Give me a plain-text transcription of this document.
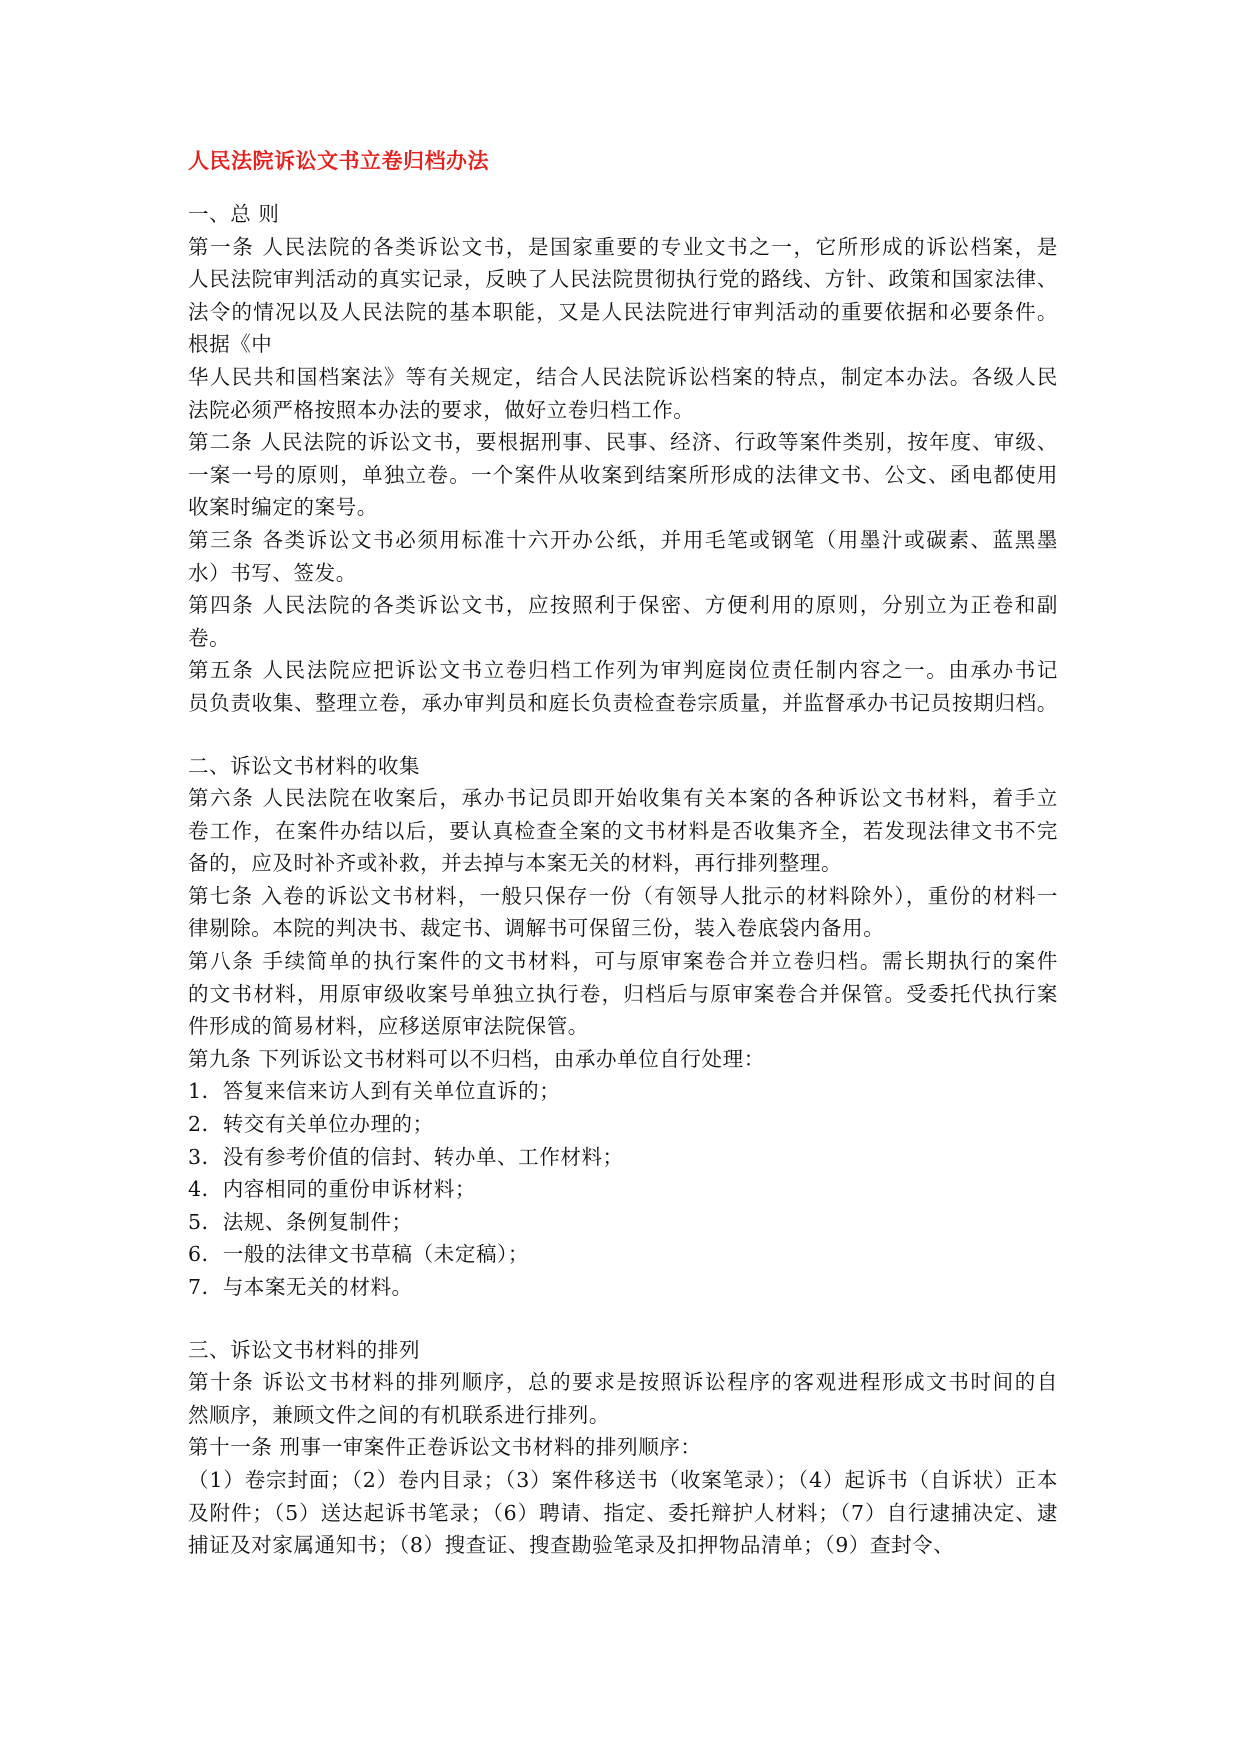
人民法院诉讼文书立卷归档办法
一、总 则
第一条 人民法院的各类诉讼文书，是国家重要的专业文书之一，它所形成的诉讼档案，是
人民法院审判活动的真实记录，反映了人民法院贯彻执行党的路线、方针、政策和国家法律、
法令的情况以及人民法院的基本职能，又是人民法院进行审判活动的重要依据和必要条件。
根据《中
华人民共和国档案法》等有关规定，结合人民法院诉讼档案的特点，制定本办法。各级人民
法院必须严格按照本办法的要求，做好立卷归档工作。
第二条 人民法院的诉讼文书，要根据刑事、民事、经济、行政等案件类别，按年度、审级、
一案一号的原则，单独立卷。一个案件从收案到结案所形成的法律文书、公文、函电都使用
收案时编定的案号。
第三条 各类诉讼文书必须用标准十六开办公纸，并用毛笔或钢笔（用墨汁或碳素、蓝黑墨
水）书写、签发。
第四条 人民法院的各类诉讼文书，应按照利于保密、方便利用的原则，分别立为正卷和副
卷。
第五条 人民法院应把诉讼文书立卷归档工作列为审判庭岗位责任制内容之一。由承办书记
员负责收集、整理立卷，承办审判员和庭长负责检查卷宗质量，并监督承办书记员按期归档。
二、诉讼文书材料的收集
第六条 人民法院在收案后，承办书记员即开始收集有关本案的各种诉讼文书材料，着手立
卷工作，在案件办结以后，要认真检查全案的文书材料是否收集齐全，若发现法律文书不完
备的，应及时补齐或补救，并去掉与本案无关的材料，再行排列整理。
第七条 入卷的诉讼文书材料，一般只保存一份（有领导人批示的材料除外），重份的材料一
律剔除。本院的判决书、裁定书、调解书可保留三份，装入卷底袋内备用。
第八条 手续简单的执行案件的文书材料，可与原审案卷合并立卷归档。需长期执行的案件
的文书材料，用原审级收案号单独立执行卷，归档后与原审案卷合并保管。受委托代执行案
件形成的简易材料，应移送原审法院保管。
第九条 下列诉讼文书材料可以不归档，由承办单位自行处理：
1．答复来信来访人到有关单位直诉的；
2．转交有关单位办理的；
3．没有参考价值的信封、转办单、工作材料；
4．内容相同的重份申诉材料；
5．法规、条例复制件；
6．一般的法律文书草稿（未定稿）；
7．与本案无关的材料。
三、诉讼文书材料的排列
第十条 诉讼文书材料的排列顺序，总的要求是按照诉讼程序的客观进程形成文书时间的自
然顺序，兼顾文件之间的有机联系进行排列。
第十一条 刑事一审案件正卷诉讼文书材料的排列顺序：
（1）卷宗封面；（2）卷内目录；（3）案件移送书（收案笔录）；（4）起诉书（自诉状）正本
及附件；（5）送达起诉书笔录；（6）聘请、指定、委托辩护人材料；（7）自行逮捕决定、逮
捕证及对家属通知书；（8）搜查证、搜查勘验笔录及扣押物品清单；（9）查封令、
